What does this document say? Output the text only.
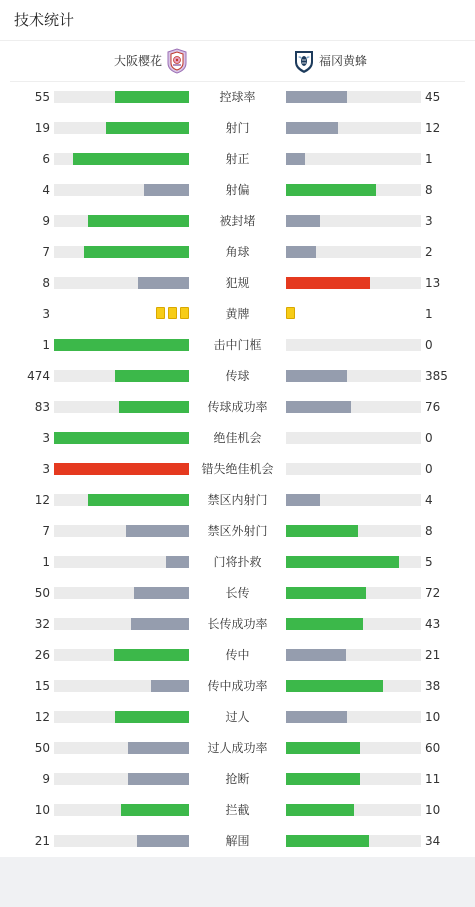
技术统计
大阪樱花	福冈黄蜂
55	控球率	45
19	射门	12
6	射正	1
4	射偏	8
9	被封堵	3
7	角球	2
8	犯规	13
3	黄牌	1
1	击中门框	0
474	传球	385
83	传球成功率	76
3	绝佳机会	0
3	错失绝佳机会	0
12	禁区内射门	4
7	禁区外射门	8
1	门将扑救	5
50	长传	72
32	长传成功率	43
26	传中	21
15	传中成功率	38
12	过人	10
50	过人成功率	60
9	抢断	11
10	拦截	10
21	解围	34
